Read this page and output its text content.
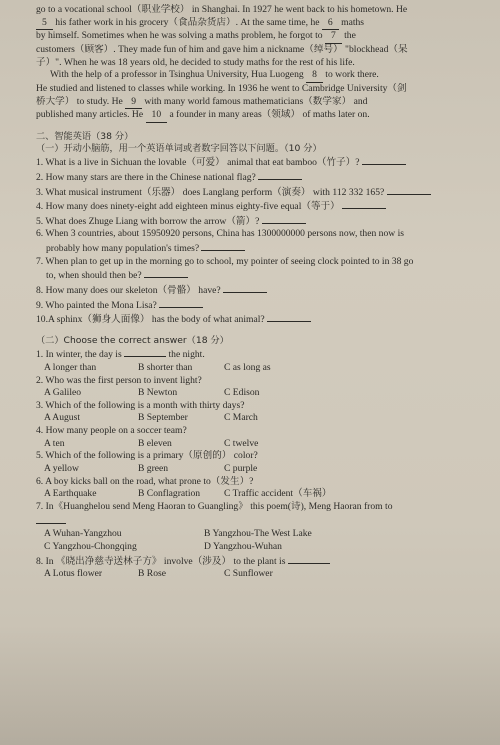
go to a vocational school（职业学校） in Shanghai. In 1927 he went back to his hometown. He
5 his father work in his grocery（食品杂货店）. At the same time, he 6 maths
by himself. Sometimes when he was solving a maths problem, he forgot to 7 the
customers（顾客）. They made fun of him and gave him a nickname（绰号） "blockhead（呆
子）". When he was 18 years old, he decided to study maths for the rest of his life.
With the help of a professor in Tsinghua University, Hua Luogeng 8 to work there.
He studied and listened to classes while working. In 1936 he went to Cambridge University（剑
桥大学） to study. He 9 with many world famous mathematicians（数学家） and
published many articles. He 10 a founder in many areas（领域） of maths later on.
二、智能英语（38 分）
（一）开动小脑筋，用一个英语单词或者数字回答以下问题。（10 分）
1. What is a live in Sichuan the lovable（可爱） animal that eat bamboo（竹子）?
2. How many stars are there in the Chinese national flag?
3. What musical instrument（乐器） does Langlang perform（演奏） with 112 332 165?
4. How many does ninety-eight add eighteen minus eighty-five equal（等于）
5. What does Zhuge Liang with borrow the arrow（箭）?
6. When 3 countries, about 15950920 persons, China has 1300000000 persons now, then now is
probably how many population's times?
7. When plan to get up in the morning go to school, my pointer of seeing clock pointed to in 38 go
to, when should then be?
8. How many does our skeleton（骨骼） have?
9. Who painted the Mona Lisa?
10.A sphinx（狮身人面像） has the body of what animal?
（二）Choose the correct answer（18 分）
1. In winter, the day is	the night.
A longer than	B shorter than	C as long as
2. Who was the first person to invent light?
A Galileo	B Newton	C Edison
3. Which of the following is a month with thirty days?
A August	B September	C March
4. How many people on a soccer team?
A ten	B eleven	C twelve
5. Which of the following is a primary（原创的） color?
A yellow	B green	C purple
6. A boy kicks ball on the road, what prone to（发生）?
A Earthquake	B Conflagration	C Traffic accident（车祸）
7. In《Huanghelou send Meng Haoran to Guangling》 this poem(诗), Meng Haoran from to
A Wuhan-Yangzhou	B Yangzhou-The West Lake
C Yangzhou-Chongqing	D Yangzhou-Wuhan
8. In 《晓出净慈寺送林子方》 involve（涉及） to the plant is
A Lotus flower	B Rose	C Sunflower
